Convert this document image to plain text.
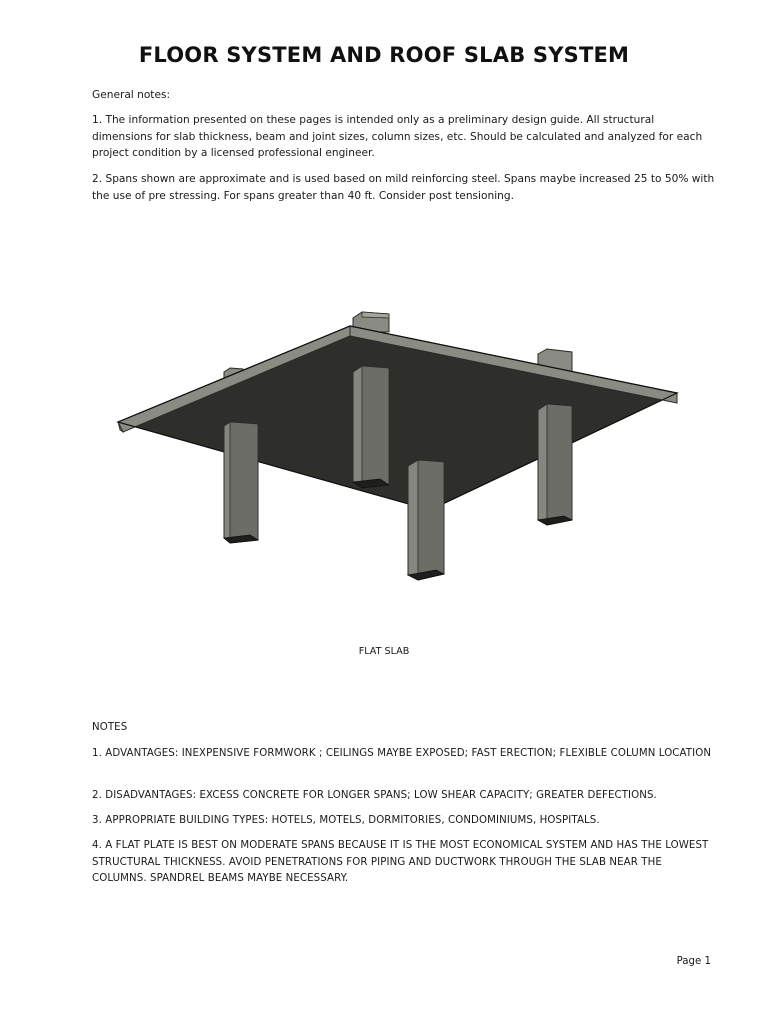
FLOOR SYSTEM AND ROOF SLAB SYSTEM
General notes:
1. The information presented on these pages is intended only as a preliminary design guide. All structural dimensions for slab thickness, beam and joint sizes, column sizes, etc. Should be calculated and analyzed for each project condition by a licensed professional engineer.
2. Spans shown are approximate and is used based on mild reinforcing steel. Spans maybe increased 25 to 50% with the use of pre stressing. For spans greater than 40 ft. Consider post tensioning.
FLAT SLAB
NOTES
1. ADVANTAGES: INEXPENSIVE FORMWORK ; CEILINGS MAYBE EXPOSED; FAST ERECTION; FLEXIBLE COLUMN LOCATION
2. DISADVANTAGES: EXCESS CONCRETE FOR LONGER SPANS; LOW SHEAR CAPACITY; GREATER DEFECTIONS.
3. APPROPRIATE BUILDING TYPES: HOTELS, MOTELS, DORMITORIES, CONDOMINIUMS, HOSPITALS.
4. A FLAT PLATE IS BEST ON MODERATE SPANS BECAUSE IT IS THE MOST ECONOMICAL SYSTEM AND HAS THE LOWEST STRUCTURAL THICKNESS. AVOID PENETRATIONS FOR PIPING AND DUCTWORK THROUGH THE SLAB NEAR THE COLUMNS. SPANDREL BEAMS MAYBE NECESSARY.
Page 1
